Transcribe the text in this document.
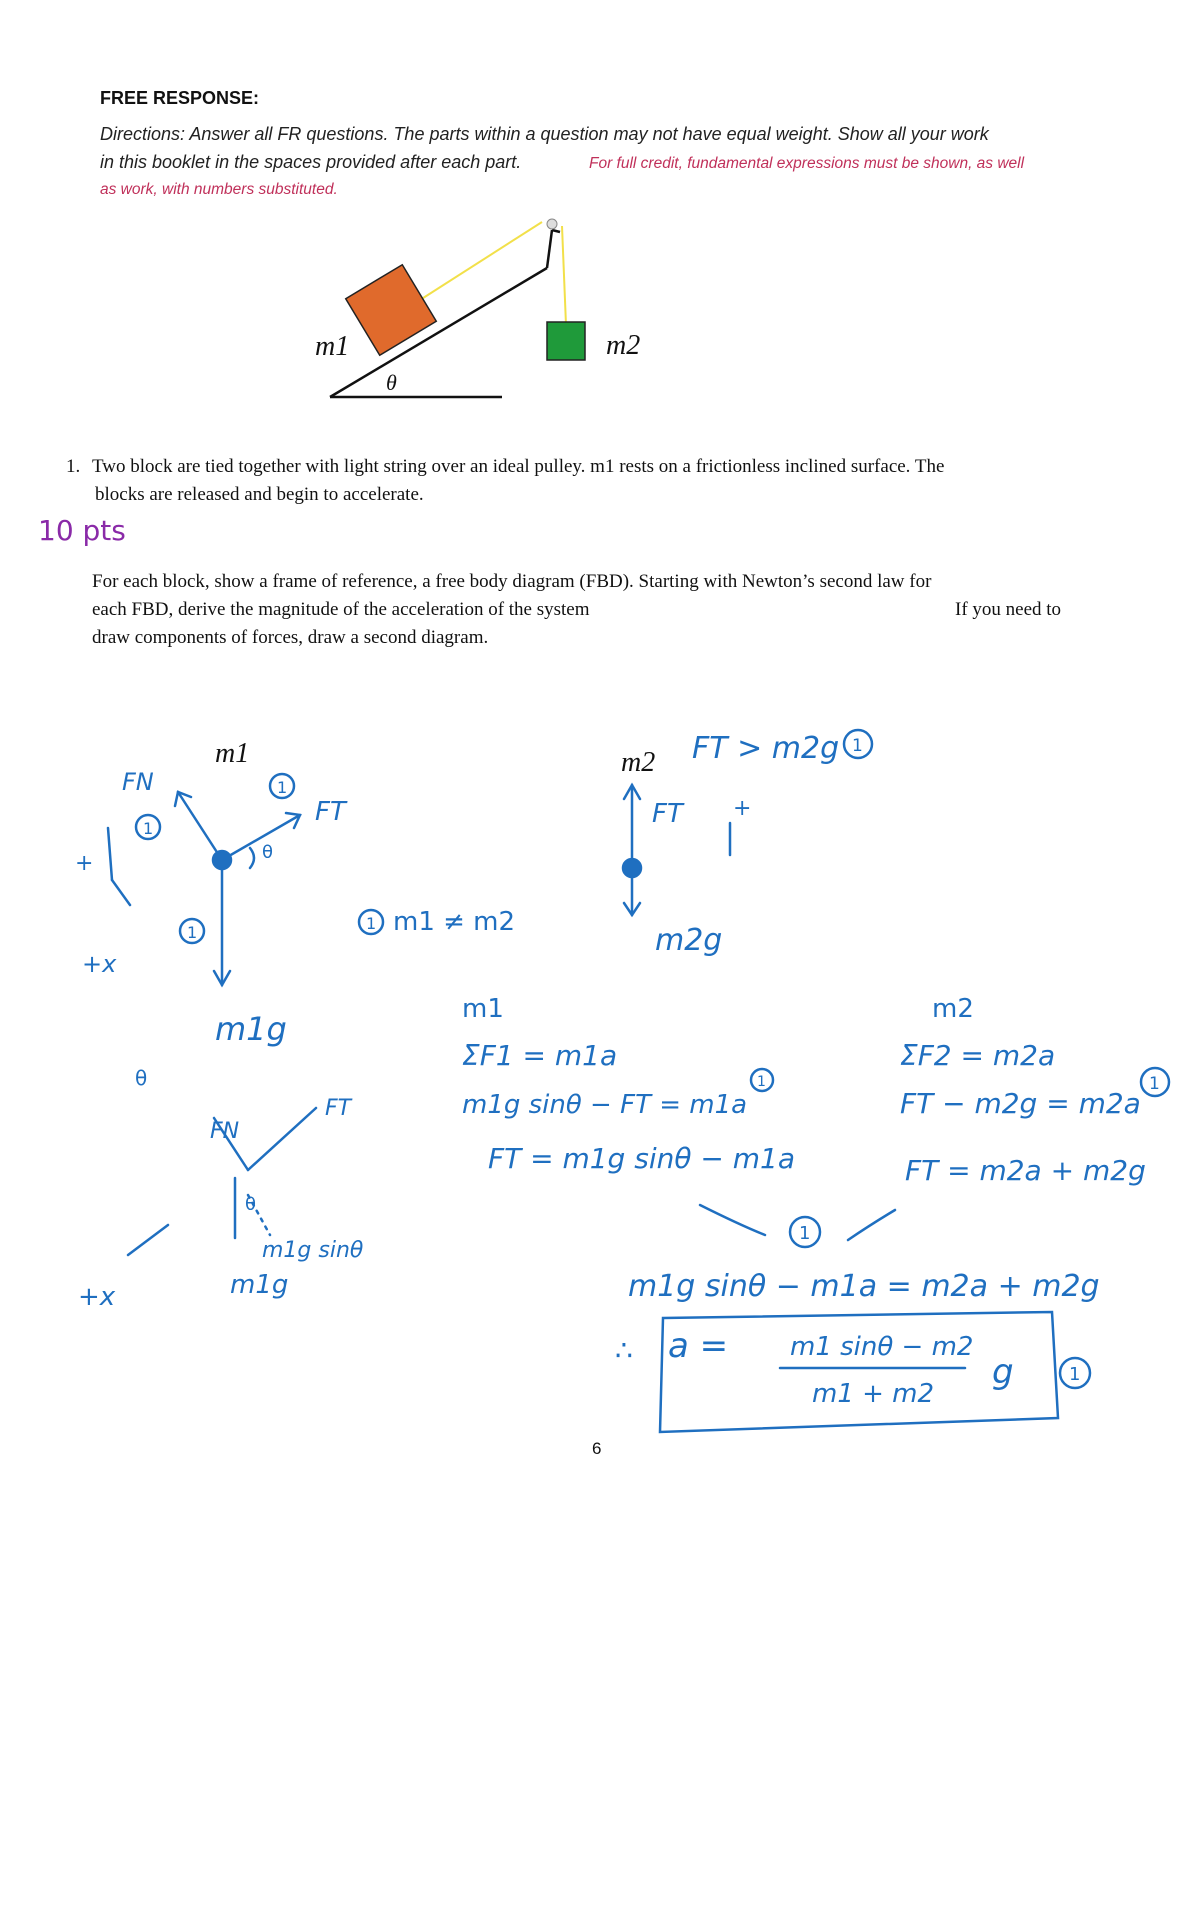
FREE RESPONSE:
Directions: Answer all FR questions. The parts within a question may not have equal weight. Show all your work
in this booklet in the spaces provided after each part.	For full credit, fundamental expressions must be shown, as well
as work, with numbers substituted.
m1	m2
θ
1. Two block are tied together with light string over an ideal pulley. m1 rests on a frictionless inclined surface. The
blocks are released and begin to accelerate.
10 pts
For each block, show a frame of reference, a free body diagram (FBD). Starting with Newton’s second law for
each FBD, derive the magnitude of the acceleration of the system	If you need to
draw components of forces, draw a second diagram.
m1
FN
FT
θ
m1g
1
1
1
+
+x
1 m1 ≠ m2
θ
FN
FT
θ
m1g sinθ
m1g
+x
m2
FT
m2g
+
FT > m2g 1
m1
ΣF1 = m1a
m1g sinθ − FT = m1a
1
FT = m1g sinθ − m1a
m2
ΣF2 = m2a
FT − m2g = m2a
1
FT = m2a + m2g
1
m1g sinθ − m1a = m2a + m2g
∴ a = m1 sinθ − m2
m1 + m2
g	1
6
